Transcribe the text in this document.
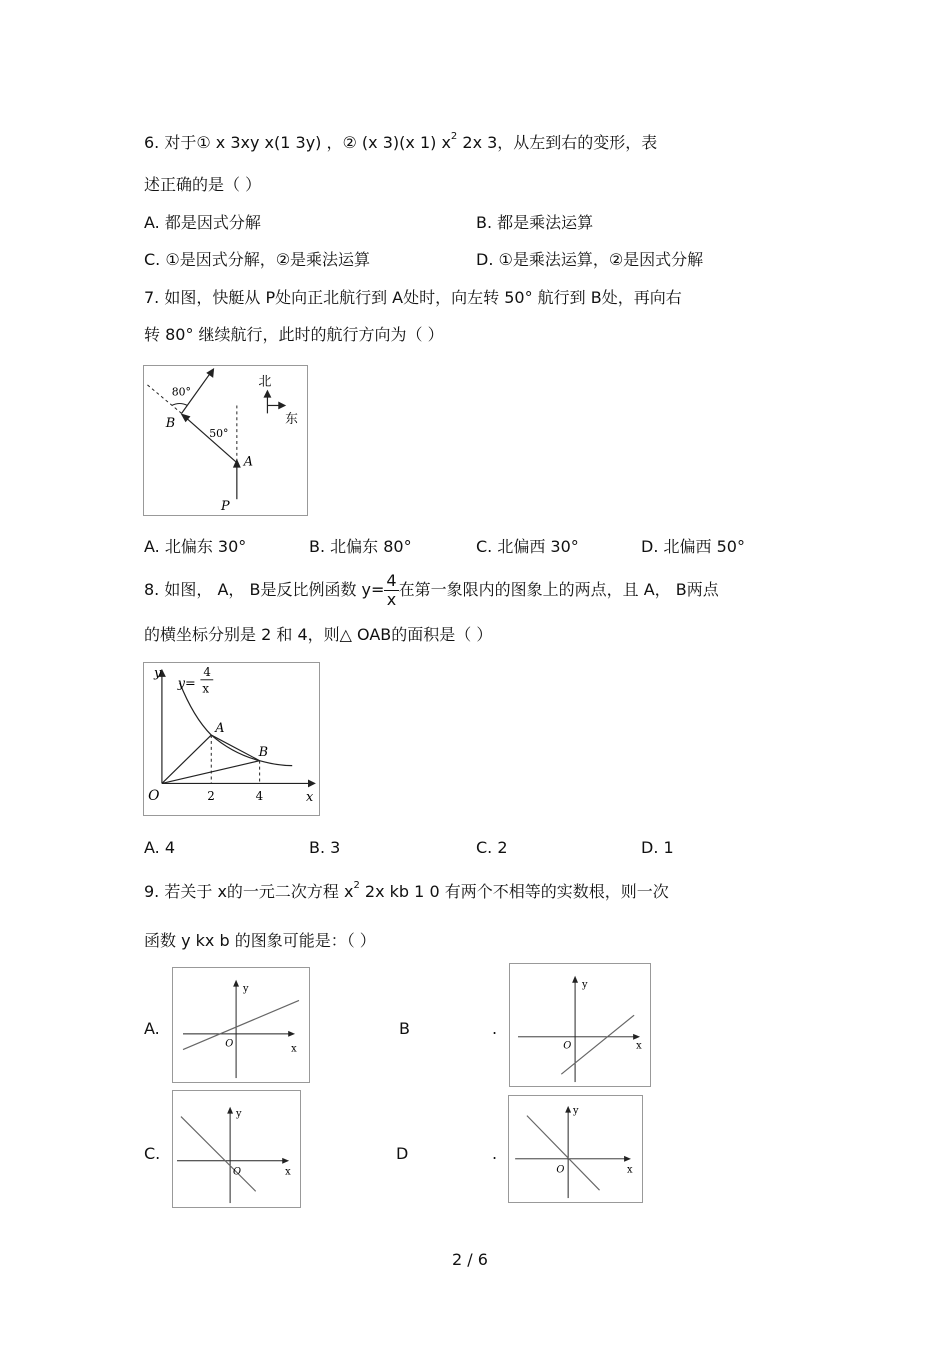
6. 对于① x 3xy x(1 3y) ，② (x 3)(x 1) $x^2$ 2x 3，从左到右的变形，表
述正确的是（ ）
A. 都是因式分解	B. 都是乘法运算
C. ①是因式分解，②是乘法运算	D. ①是乘法运算，②是因式分解
7. 如图，快艇从 P处向正北航行到 A处时，向左转 50° 航行到 B处，再向右
转 80° 继续航行，此时的航行方向为（ ）
北
东
80°
50°
B
A
P
A. 北偏东 30°	B. 北偏东 80°	C. 北偏西 30°	D. 北偏西 50°
8. 如图， A， B是反比例函数 $y= \frac{4}{x}$ 在第一象限内的图象上的两点，且 A， B两点
的横坐标分别是 2 和 4，则△ OAB的面积是（ ）
y
x
O
A
B
2	4
y=
4
x
A. 4	B. 3	C. 2	D. 1
9. 若关于 x的一元二次方程 $x^2$ 2x kb 1 0 有两个不相等的实数根，则一次
函数 y kx b 的图象可能是：（ ）
A.	B	.
C.	D	.
y
x
O
y
x
O
y
x
O
y
x
O
2 / 6
